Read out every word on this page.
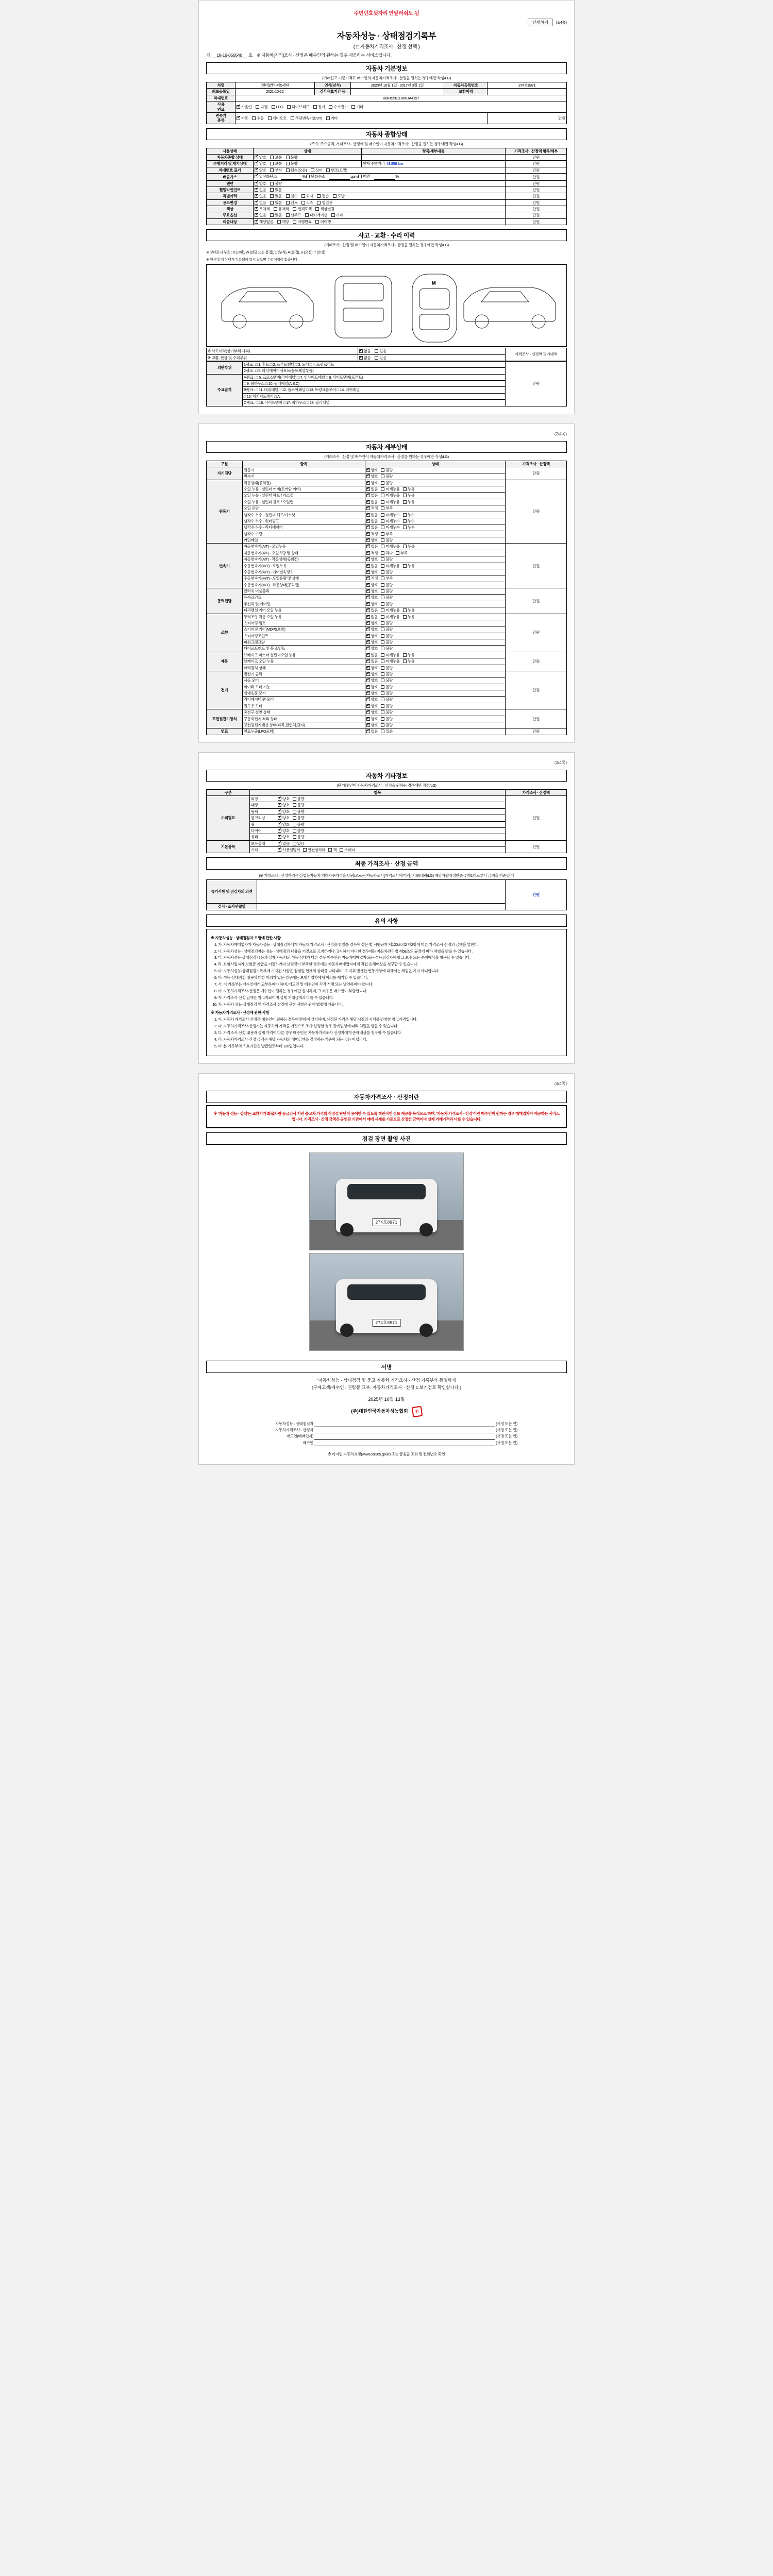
주민번호뒷자리 안알려줘도 됨
인쇄하기	(1/4쪽)
자동차성능 · 상태점검기록부
( □ 자동차가격조사 · 산정 선택 )
제 18-16-050546 호 ※ 자동차[지역]조사 · 산정은 매수인의 원하는 경우 제공하는 서비스입니다.
자동차 기본정보
(거래신고 기준가격표 매수인의 자동차가격조사 · 산정을 원하는 경우에만 작성/LG)
차명	(현대)싼타페5세대	연식(년식)	2020년 10월 1일 · 2017년 3월 1일	자동차등록번호	274흐8971
최초등록일	2021-10-12	검사유효기간 등		보험이력	
차대번호	KMHS5811RMUA4157				
사용
연료	✔가솔린 디젤 LPG 하이브리드 전기 수소전기 기타
변속기
종류	✔자동 수동 세미오토 무단변속기(CVT) 기타				만원
자동차 종합상태
(주요, 주요골격, 거래조사 · 산정에 및 매수인이 자동차가격조사 · 산정을 원하는 경우에만 작성/LG)
사용상태	상태	항목/세부내용	가격조사 · 산정액 항목/세부
자동차종합 상태	✔양호 보통 불량		만원
주행거리 및 계기상태	✔양호 보통 불량	현재 주행거리 43,858 km	만원
차대번호 표기	✔양호 부식 훼손(오손) 상이 변조(도말)		만원
배출가스	✔일산화탄소 % 탄화수소 ppm 매연 %		만원
탠넌	✔양호 불량		만원
휠얼라인먼트	✔없음 있음		만원
특별이력	✔없음 있음 침수 화재 전손 도난		만원
용도변경	✔없음 있음 렌트 리스 영업용		만원
색상	✔무채색 유채색 전체도색 색상변경		만원
주요옵션	✔없음 있음 선루프 내비게이션 기타		만원
리콜대상	✔해당없음 해당 이행완료 미이행		만원
사고 · 교환 · 수리 이력
(거래조사 · 산정 및 매수인이 자동차가격조사 · 산정을 원하는 경우에만 작성/LG)
※ 상태표시 부호 : X (교환), W (판금 또는 용접), C (부식), A (흠집), U (요철), T (손상)
※ 흰색 밑에 상태가 기록되어 있지 않으면 수리이력이 없습니다
M
※ 사고이력(상기부위 사외)	✔없음 있음	가격조사 · 산정액 평가내역

※ 교환, 판금 및 수리부위	✔없음 있음
외판부위	1랭크 : □ 1. 후드 □ 2. 프론트휀더 □ 3. 도어 □ 4. 트렁크리드	만원
	2랭크 : □ 5. 라디에이터서포트(볼트체결부품)	
주요골격	A랭크 : □ 6. 크로스멤버(리어패널) □ 7. 인사이드패널 □ 8. 사이드멤버(프론트)	
	□ 9. 휠하우스 □ 10. 필러패널(A,B,C)	
	B랭크 : □ 11. 대쉬패널 □ 12. 플로어패널 □ 13. 트렁크플로어 □ 14. 리어패널	
	□ 15. 패키지트레이 □ A,	
	C랭크 : □ 16. 사이드멤버 □ 17. 휠하우스 □ 18. 필러패널	
(2/4쪽)
자동차 세부상태
(거래조사 · 산정 및 매수인이 자동차가격조사 · 산정을 원하는 경우에만 작성/LG)
구분	항목	상태	가격조사 · 산정액
자기진단	원동기	✔양호 불량	만원
	변속기	✔양호 불량
원동기	작동상태(공회전)	✔양호 불량	만원
	오일 누유 - 실린더 커버(로커암 커버)	✔없음 미세누유 누유
	오일 누유 - 실린더 헤드 / 가스켓	✔없음 미세누유 누유
	오일 누유 - 실린더 블록 / 오일팬	✔없음 미세누유 누유
	오일 유량	✔적정 부족
	냉각수 누수 - 실린더 헤드/가스켓	✔없음 미세누수 누수
	냉각수 누수 - 워터펌프	✔없음 미세누수 누수
	냉각수 누수 - 라디에이터	✔없음 미세누수 누수
	냉각수 수량	✔적정 부족
	커먼레일	✔양호 불량
변속기	자동변속기(A/T) - 오일누유	✔없음 미세누유 누유	만원
	자동변속기(A/T) - 오일유량 및 상태	✔적정 과다 부족
	자동변속기(A/T) - 작동상태(공회전)	✔양호 불량
	수동변속기(M/T) - 오일누유	✔없음 미세누유 누유
	수동변속기(M/T) - 기어변속장치	✔양호 불량
	수동변속기(M/T) - 오일유량 및 상태	✔적정 부족
	수동변속기(M/T) - 작동상태(공회전)	✔양호 불량
동력전달	클러치 어셈블리	✔양호 불량	만원
	등속죠인트	✔양호 불량
	추진축 및 베어링	✔양호 불량
	디퍼렌셜 기어 오일 누유	✔없음 미세누유 누유
조향	동력조향 작동 오일 누유	✔없음 미세누유 누유	만원
	스티어링 펌프	✔양호 불량
	스티어링 기어(MDPS포함)	✔양호 불량
	스티어링조인트	✔양호 불량
	파워크랭크암	✔양호 불량
	타이로드엔드 및 볼 조인트	✔양호 불량
제동	브레이크 마스터 실린더오일 누유	✔없음 미세누유 누유	만원
	브레이크 오일 누유	✔없음 미세누유 누유
	배력장치 상태	✔양호 불량
전기	발전기 출력	✔양호 불량	만원
	시동 모터	✔양호 불량
	와이퍼 모터 기능	✔양호 불량
	실내송풍 모터	✔양호 불량
	라디에이터 팬 모터	✔양호 불량
	윈도우 모터	✔양호 불량
고전원전기장치	충전구 절연 상태	✔양호 불량	만원
	구동축전지 격리 상태	✔양호 불량
	고전원전기배선 상태(피복,절연체,단자)	✔양호 불량
연료	연료누출(LPG포함)	✔없음 있음	만원
(3/4쪽)
자동차 기타정보
(단 매수인이 자동차가격조사 · 산정을 원하는 경우에만 작성/LG)
구분	항목	가격조사 · 산정액
수리필요	외장 ✔ 양호 불량	만원
	내장 ✔ 양호 불량
	광택 ✔ 양호 불량
	룸크리닝 ✔ 양호 불량
	휠 ✔ 양호 불량
	타이어 ✔ 양호 불량
	유리 ✔ 양호 불량
기본품목	보유상태 ✔ 없음 있음	만원
	기타 ✔ 사용설명서 안전삼각대 잭 스패너
최종 가격조사 · 산정 금액
(※ 거래조사 · 산정가격은 상업용자동차 거래가준가격을 내림/오르는 자동차조사[가격조사에 따라] 기초/내림/LG) 해당차량적정한중금액/1대로부터 금액을 기준일 때
특기사항 및 점검자의 의견		만원
검사 · 조사년월일		
유의 사항
※ 자동차성능 · 상태점검자 보험에 관한 사항
1. 가. 자동차매매업자가 자동차성능 · 상태점검자에게 자동차 가격조사 · 산정을 받았을 경우에 같은 법 시행규칙 제120조의2 제2항에 따른 가격조사·산정의 금액을 말한다.
2. 나. 자동차성능 · 상태점검자는 성능 · 상태점검 내용을 거짓으로 고지하거나 고지하지 아니한 경우에는 자동차관리법 제58조의 규정에 따라 처벌을 받을 수 있습니다.
3. 다. 자동차성능·상태점검 내용과 실제 자동차의 성능·상태가 다른 경우 매수인은 자동차매매업자 또는 성능점검자에게 그 보수 또는 손해배상을 청구할 수 있습니다.
4. 라. 보험사업자가 보험금 지급을 거절하거나 보험금이 부족한 경우에는 자동차매매업자에게 직접 손해배상을 청구할 수 있습니다.
5. 마. 자동차성능·상태점검기록부에 기재된 사항은 점검일 현재의 상태를 나타내며, 그 이후 발생한 변동사항에 대해서는 책임을 지지 아니합니다.
6. 바. 성능·상태점검 내용에 대한 이의가 있는 경우에는 보험사업자에게 이의를 제기할 수 있습니다.
7. 사. 이 기록부는 매수인에게 교부하여야 하며, 매도인 및 매수인이 각각 서명 또는 날인하여야 합니다.
8. 아. 자동차가격조사·산정은 매수인이 원하는 경우에만 실시하며, 그 비용은 매수인이 부담합니다.
9. 자. 가격조사·산정 금액은 참고자료이며 실제 거래금액과 다를 수 있습니다.
10. 차. 자동차 성능·상태점검 및 가격조사·산정에 관한 사항은 관계 법령에 따릅니다.
※ 자동차가격조사 · 산정에 관한 사항
1. 가. 자동차 가격조사·산정은 매수인이 원하는 경우에 한하여 실시하며, 산정된 가격은 해당 시점의 시세를 반영한 참고가격입니다.
2. 나. 자동차가격조사·산정자는 자동차의 가격을 거짓으로 조사·산정한 경우 관계법령에 따라 처벌을 받을 수 있습니다.
3. 다. 가격조사·산정 내용과 실제 가격이 다른 경우 매수인은 자동차가격조사·산정자에게 손해배상을 청구할 수 있습니다.
4. 라. 자동차가격조사·산정 금액은 해당 자동차의 매매금액을 결정하는 기준이 되는 것은 아닙니다.
5. 마. 본 기록부의 유효기간은 발급일로부터 120일입니다.
(4/4쪽)
자동차가격조사 · 산정이란
※ '자동차 성능 · 상태'는 교환기가 화물차량 등급검사 기관 중고차 가격의 적정성 판단이 용이한 수 있도록 객관적인 정보 제공을 목적으로 하며, '자동차 가격조사 · 산정'이란 매수인이 원하는 경우 매매업자가 제공하는 서비스입니다. 가격조사 · 산정 금액은 공인된 기관에서 매매 시세를 기준으로 산정한 금액이며 실제 거래가격과 다를 수 있습니다.
점검 장면 촬영 사진
274흐8971
274흐8971
서명
"자동차성능 · 상태점검 및 중고 자동차 가격조사 · 산정 기록부와 동일하게
(구매고객/매수인 : 권람품 교부, 자동차가격조사 · 산정 1 보기검토 확인합니다.)
2025년 10월 13일
(주)대한민국자동차성능협회 인
자동차성능 · 상태점검자		(서명 또는 인)
자동차가격조사 · 산정자		(서명 또는 인)
매도인(매매업자)		(서명 또는 인)
매수인		(서명 또는 인)
※ 카지인 자동차쇼핑(www.car365.go.kr) 또는 금융을 조회 및 전화번호 확인
